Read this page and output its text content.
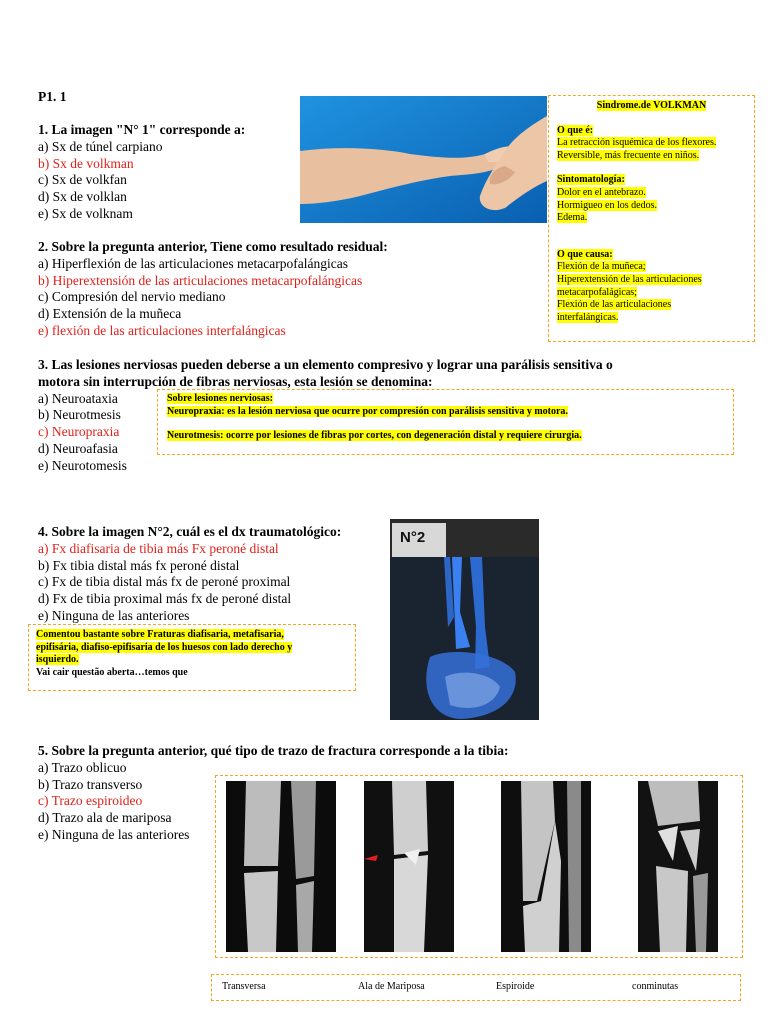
P1. 1
1. La imagen "N° 1" corresponde a:
a) Sx de túnel carpiano
b) Sx de volkman
c) Sx de volkfan
d) Sx de volklan
e) Sx de volknam
Sindrome.de VOLKMAN
O que é:
La retracción isquémica de los flexores.
Reversible, más frecuente en niños.
Sintomatología:
Dolor en el antebrazo.
Hormigueo en los dedos.
Edema.
O que causa:
Flexión de la muñeca;
Hiperextensión de las articulaciones
metacarpofalágicas;
Flexión de las articulaciones
interfalángicas.
2. Sobre la pregunta anterior, Tiene como resultado residual:
a) Hiperflexión de las articulaciones metacarpofalángicas
b) Hiperextensión de las articulaciones metacarpofalángicas
c) Compresión del nervio mediano
d) Extensión de la muñeca
e) flexión de las articulaciones interfalángicas
3. Las lesiones nerviosas pueden deberse a un elemento compresivo y lograr una parálisis sensitiva o
motora sin interrupción de fibras nerviosas, esta lesión se denomina:
a) Neuroataxia
b) Neurotmesis
c) Neuropraxia
d) Neuroafasia
e) Neurotomesis
Sobre lesiones nerviosas:
Neuropraxia: es la lesión nerviosa que ocurre por compresión con parálisis sensitiva y motora.
Neurotmesis: ocorre por lesiones de fibras por cortes, con degeneración distal y requiere cirurgia.
4. Sobre la imagen N°2, cuál es el dx traumatológico:
a) Fx diafisaria de tibia más Fx peroné distal
b) Fx tibia distal más fx peroné distal
c) Fx de tibia distal más fx de peroné proximal
d) Fx de tibia proximal más fx de peroné distal
e) Ninguna de las anteriores
Comentou bastante sobre Fraturas diafisaria, metafisaria,
epifisária, diafiso-epifisaria de los huesos con lado derecho y
isquierdo.
Vai cair questão aberta…temos que
N°2
5. Sobre la pregunta anterior, qué tipo de trazo de fractura corresponde a la tibia:
a) Trazo oblicuo
b) Trazo transverso
c) Trazo espiroideo
d) Trazo ala de mariposa
e) Ninguna de las anteriores
Transversa	Ala de Mariposa	Espiroide	conminutas
